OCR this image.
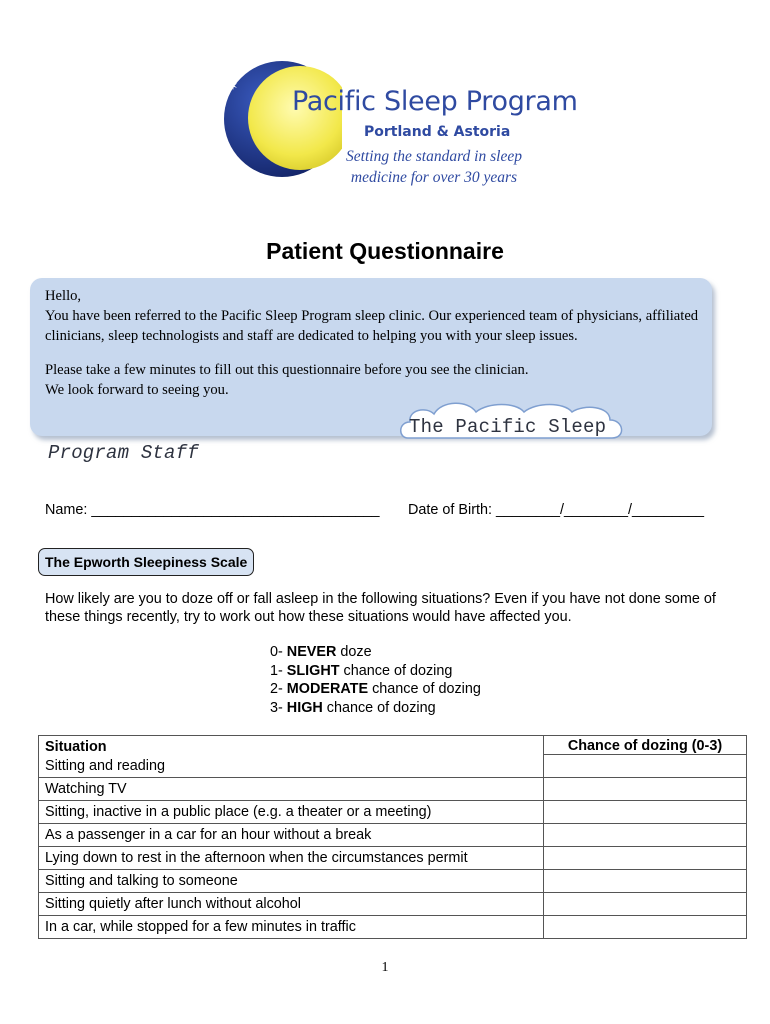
✶ Pacific Sleep Program
Portland & Astoria
Setting the standard in sleep medicine for over 30 years
Patient Questionnaire

Hello,

You have been referred to the Pacific Sleep Program sleep clinic. Our experienced team of physicians, affiliated clinicians, sleep technologists and staff are dedicated to helping you with your sleep issues.

Please take a few minutes to fill out this questionnaire before you see the clinician.

We look forward to seeing you.

The Pacific Sleep
Program Staff
Name: ____________________________________ Date of Birth: ________/________/_________
The Epworth Sleepiness Scale
How likely are you to doze off or fall asleep in the following situations? Even if you have not done some of these things recently, try to work out how these situations would have affected you.
0- NEVER doze
1- SLIGHT chance of dozing
2- MODERATE chance of dozing
3- HIGH chance of dozing
Situation	Chance of dozing (0-3)
Sitting and reading	
Watching TV	
Sitting, inactive in a public place (e.g. a theater or a meeting)	
As a passenger in a car for an hour without a break	
Lying down to rest in the afternoon when the circumstances permit	
Sitting and talking to someone	
Sitting quietly after lunch without alcohol	
In a car, while stopped for a few minutes in traffic	
1
